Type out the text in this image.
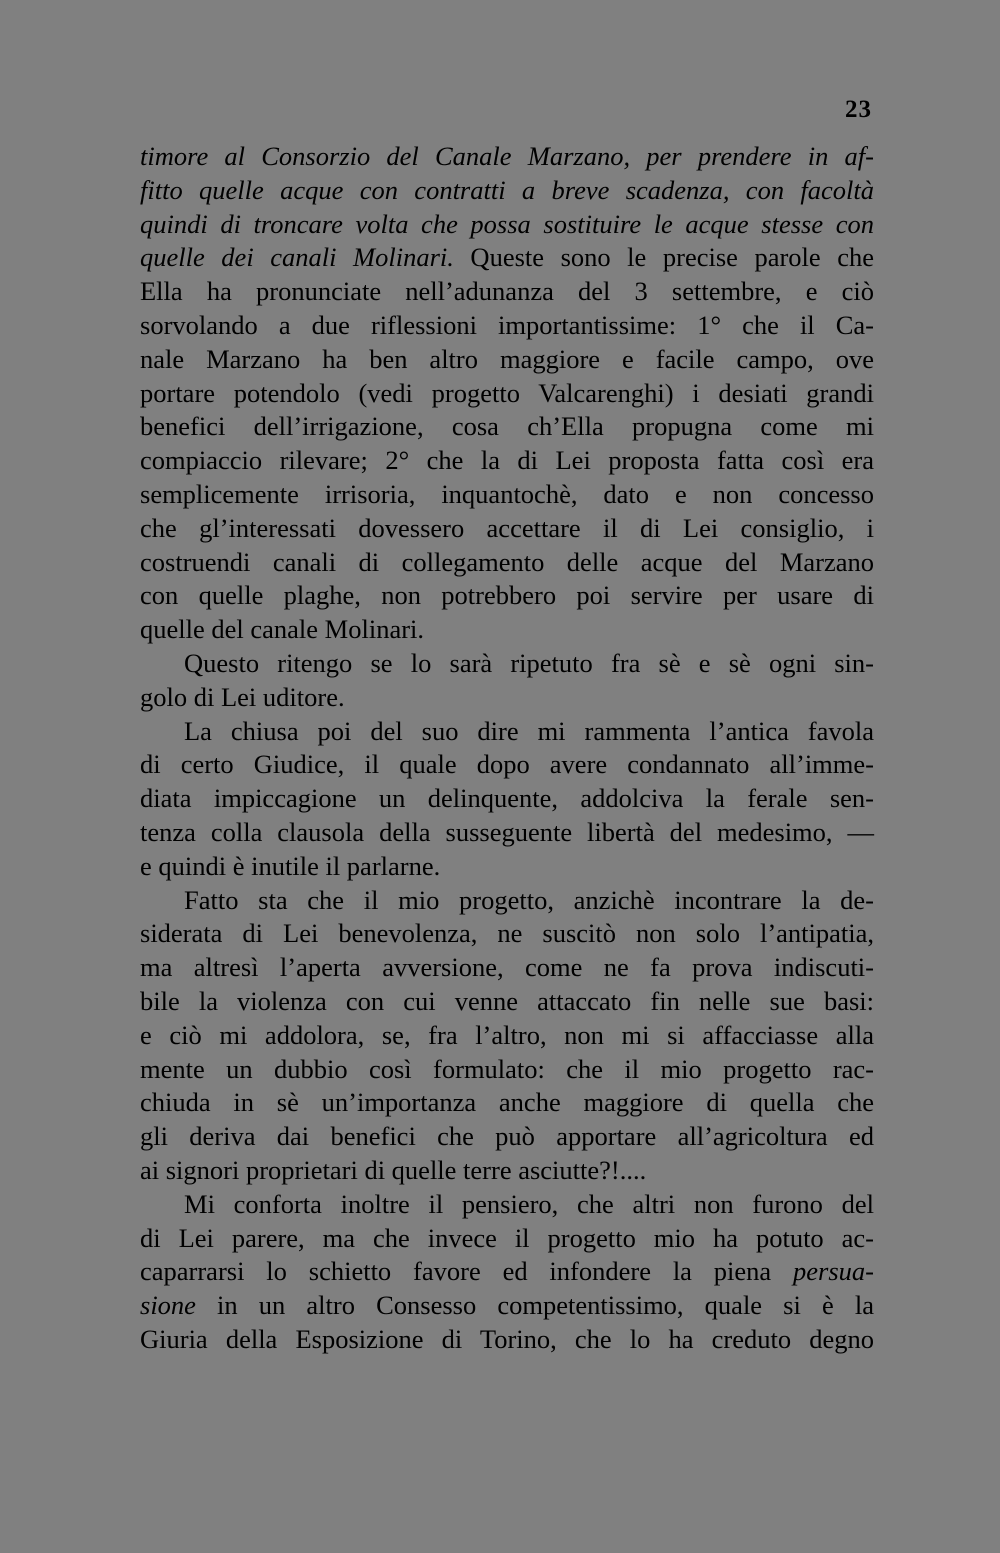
23
timore al Consorzio del Canale Marzano, per prendere in af-
fitto quelle acque con contratti a breve scadenza, con facoltà
quindi di troncare volta che possa sostituire le acque stesse con
quelle dei canali Molinari. Queste sono le precise parole che
Ella ha pronunciate nell’adunanza del 3 settembre, e ciò
sorvolando a due riflessioni importantissime: 1° che il Ca-
nale Marzano ha ben altro maggiore e facile campo, ove
portare potendolo (vedi progetto Valcarenghi) i desiati grandi
benefici dell’irrigazione, cosa ch’Ella propugna come mi
compiaccio rilevare; 2° che la di Lei proposta fatta così era
semplicemente irrisoria, inquantochè, dato e non concesso
che gl’interessati dovessero accettare il di Lei consiglio, i
costruendi canali di collegamento delle acque del Marzano
con quelle plaghe, non potrebbero poi servire per usare di
quelle del canale Molinari.
Questo ritengo se lo sarà ripetuto fra sè e sè ogni sin-
golo di Lei uditore.
La chiusa poi del suo dire mi rammenta l’antica favola
di certo Giudice, il quale dopo avere condannato all’imme-
diata impiccagione un delinquente, addolciva la ferale sen-
tenza colla clausola della susseguente libertà del medesimo, —
e quindi è inutile il parlarne.
Fatto sta che il mio progetto, anzichè incontrare la de-
siderata di Lei benevolenza, ne suscitò non solo l’antipatia,
ma altresì l’aperta avversione, come ne fa prova indiscuti-
bile la violenza con cui venne attaccato fin nelle sue basi:
e ciò mi addolora, se, fra l’altro, non mi si affacciasse alla
mente un dubbio così formulato: che il mio progetto rac-
chiuda in sè un’importanza anche maggiore di quella che
gli deriva dai benefici che può apportare all’agricoltura ed
ai signori proprietari di quelle terre asciutte?!....
Mi conforta inoltre il pensiero, che altri non furono del
di Lei parere, ma che invece il progetto mio ha potuto ac-
caparrarsi lo schietto favore ed infondere la piena persua-
sione in un altro Consesso competentissimo, quale si è la
Giuria della Esposizione di Torino, che lo ha creduto degno
